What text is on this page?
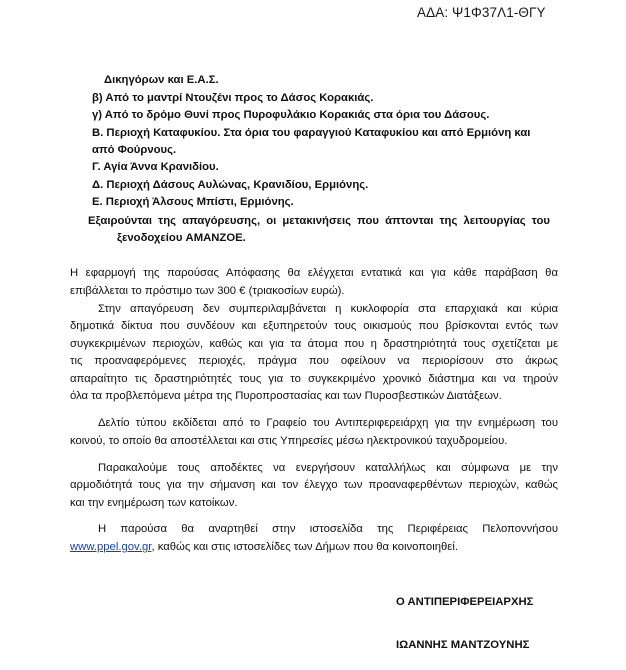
ΑΔΑ: Ψ1Φ37Λ1-ΘΓΥ
Δικηγόρων και Ε.Α.Σ.
β) Από το μαντρί Ντουζένι προς το Δάσος Κορακιάς.
γ) Από το δρόμο Θυνί προς Πυροφυλάκιο Κορακιάς στα όρια του Δάσους.
Β. Περιοχή Καταφυκίου. Στα όρια του φαραγγιού Καταφυκίου και από Ερμιόνη και
από Φούρνους.
Γ. Αγία Άννα Κρανιδίου.
Δ. Περιοχή Δάσους Αυλώνας, Κρανιδίου, Ερμιόνης.
Ε. Περιοχή Άλσους Μπίστι, Ερμιόνης.
Εξαιρούνται της απαγόρευσης, οι μετακινήσεις που άπτονται της λειτουργίας του
ξενοδοχείου AMANZOE.
Η εφαρμογή της παρούσας Απόφασης θα ελέγχεται εντατικά και για κάθε παράβαση θα
επιβάλλεται το πρόστιμο των 300 € (τριακοσίων ευρώ).
Στην απαγόρευση δεν συμπεριλαμβάνεται η κυκλοφορία στα επαρχιακά και κύρια
δημοτικά δίκτυα που συνδέουν και εξυπηρετούν τους οικισμούς που βρίσκονται εντός των
συγκεκριμένων περιοχών, καθώς και για τα άτομα που η δραστηριότητά τους σχετίζεται με
τις προαναφερόμενες περιοχές, πράγμα που οφείλουν να περιορίσουν στο άκρως
απαραίτητο τις δραστηριότητές τους για το συγκεκριμένο χρονικό διάστημα και να τηρούν
όλα τα προβλεπόμενα μέτρα της Πυροπροστασίας και των Πυροσβεστικών Διατάξεων.
Δελτίο τύπου εκδίδεται από το Γραφείο του Αντιπεριφερειάρχη για την ενημέρωση του
κοινού, το οποίο θα αποστέλλεται και στις Υπηρεσίες μέσω ηλεκτρονικού ταχυδρομείου.
Παρακαλούμε τους αποδέκτες να ενεργήσουν καταλλήλως και σύμφωνα με την
αρμοδιότητά τους για την σήμανση και τον έλεγχο των προαναφερθέντων περιοχών, καθώς
και την ενημέρωση των κατοίκων.
Η παρούσα θα αναρτηθεί στην ιστοσελίδα της Περιφέρειας Πελοποννήσου
www.ppel.gov.gr, καθώς και στις ιστοσελίδες των Δήμων που θα κοινοποιηθεί.
Ο ΑΝΤΙΠΕΡΙΦΕΡΕΙΑΡΧΗΣ
ΙΩΑΝΝΗΣ ΜΑΝΤΖΟΥΝΗΣ
